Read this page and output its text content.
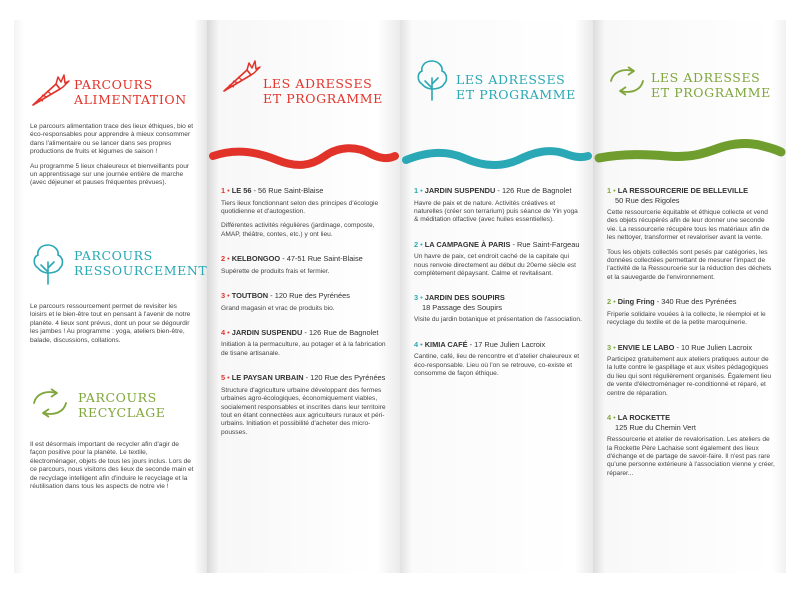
PARCOURS
ALIMENTATION

Le parcours alimentation trace des lieux éthiques, bio et éco-responsables pour apprendre à mieux consommer dans l'alimentaire ou se lancer dans ses propres productions de fruits et légumes de saison !

Au programme 5 lieux chaleureux et bienveillants pour un apprentissage sur une journée entière de marche (avec déjeuner et pauses fréquentes prévues).

PARCOURS
RESSOURCEMENT

Le parcours ressourcement permet de revisiter les loisirs et le bien-être tout en pensant à l'avenir de notre planète. 4 lieux sont prévus, dont un pour se dégourdir les jambes ! Au programme : yoga, ateliers bien-être, balade, discussions, collations.

PARCOURS
RECYCLAGE

Il est désormais important de recycler afin d'agir de façon positive pour la planète. Le textile, électroménager, objets de tous les jours inclus. Lors de ce parcours, nous visitons des lieux de seconde main et de recyclage intelligent afin d'induire le recyclage et la réutilisation dans tous les aspects de notre vie !

LES ADRESSES
ET PROGRAMME
1 • LE 56 - 56 Rue Saint-Blaise
Tiers lieux fonctionnant selon des principes d'écologie quotidienne et d'autogestion.
Différentes activités régulières (jardinage, composte, AMAP, théâtre, contes, etc.) y ont lieu.
2 • KELBONGOO - 47-51 Rue Saint-Blaise
Supérette de produits frais et fermier.
3 • TOUTBON - 120 Rue des Pyrénées
Grand magasin et vrac de produits bio.
4 • JARDIN SUSPENDU - 126 Rue de Bagnolet
Initiation à la permaculture, au potager et à la fabrication de tisane artisanale.
5 • LE PAYSAN URBAIN - 120 Rue des Pyrénées
Structure d'agriculture urbaine développant des fermes urbaines agro-écologiques, économiquement viables, socialement responsables et inscrites dans leur territoire tout en étant connectées aux agriculteurs ruraux et péri-urbains. Initiation et possibilité d'acheter des micro-pousses.
LES ADRESSES
ET PROGRAMME
1 • JARDIN SUSPENDU - 126 Rue de Bagnolet
Havre de paix et de nature. Activités créatives et naturelles (créer son terrarium) puis séance de Yin yoga & méditation olfactive (avec huiles essentielles).
2 • LA CAMPAGNE À PARIS - Rue Saint-Fargeau
Un havre de paix, cet endroit caché de la capitale qui nous renvoie directement au début du 20eme siècle est complètement dépaysant. Calme et revitalisant.
3 • JARDIN DES SOUPIRS
18 Passage des Soupirs
Visite du jardin botanique et présentation de l'association.
4 • KIMIA CAFÉ - 17 Rue Julien Lacroix
Cantine, café, lieu de rencontre et d'atelier chaleureux et éco-responsable. Lieu où l'on se retrouve, co-existe et consomme de façon éthique.
LES ADRESSES
ET PROGRAMME
1 • LA RESSOURCERIE DE BELLEVILLE
50 Rue des Rigoles
Cette ressourcerie équitable et éthique collecte et vend des objets récupérés afin de leur donner une seconde vie. La ressourcerie récupère tous les matériaux afin de les nettoyer, transformer et revaloriser avant la vente.
Tous les objets collectés sont pesés par catégories, les données collectées permettant de mesurer l'impact de l'activité de la Ressourcerie sur la réduction des déchets et la sauvegarde de l'environnement.
2 • Ding Fring - 340 Rue des Pyrénées
Friperie solidaire vouées à la collecte, le réemploi et le recyclage du textile et de la petite maroquinerie.
3 • ENVIE LE LABO - 10 Rue Julien Lacroix
Participez gratuitement aux ateliers pratiques autour de la lutte contre le gaspillage et aux visites pédagogiques du lieu qui sont régulièrement organisés. Également lieu de vente d'électroménager re-conditionné et réparé, et centre de réparation.
4 • LA ROCKETTE
125 Rue du Chemin Vert
Ressourcerie et atelier de revalorisation. Les ateliers de la Rockette Père Lachaise sont également des lieux d'échange et de partage de savoir-faire. Il n'est pas rare qu'une personne extérieure à l'association vienne y créer, réparer...
